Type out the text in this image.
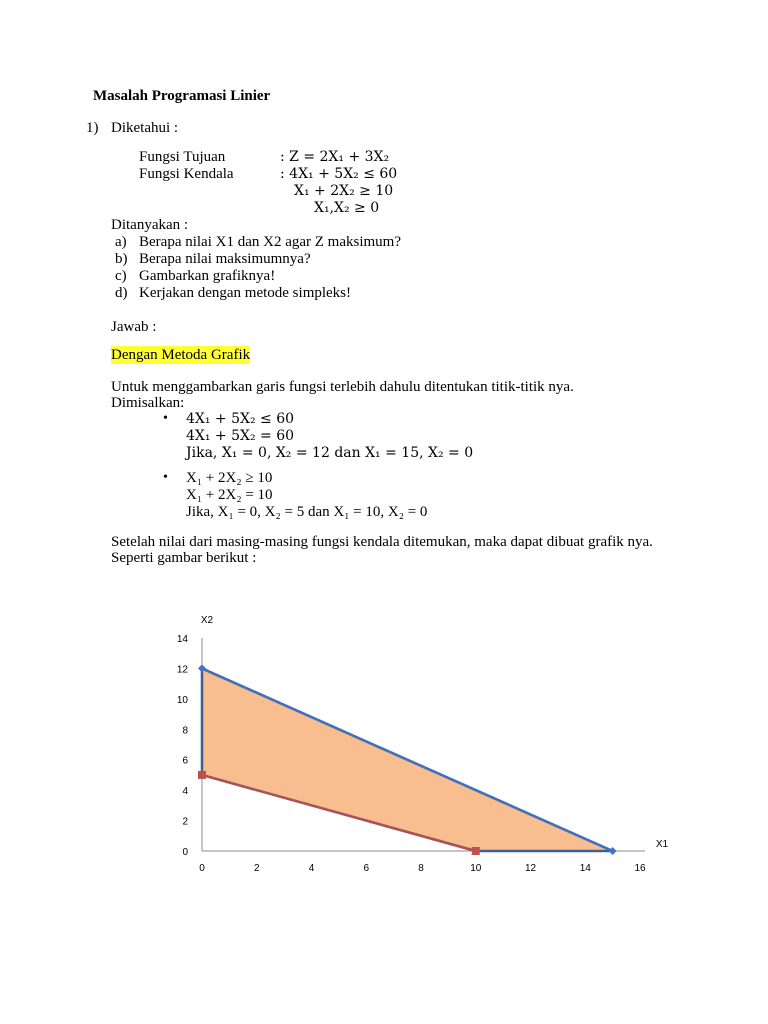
Masalah Programasi Linier
1) Diketahui :
Fungsi Tujuan	: Z = 2X₁ + 3X₂
Fungsi Kendala	: 4X₁ + 5X₂ ≤ 60
X₁ + 2X₂ ≥ 10
X₁,X₂ ≥ 0
Ditanyakan :
a) Berapa nilai X1 dan X2 agar Z maksimum?
b) Berapa nilai maksimumnya?
c) Gambarkan grafiknya!
d) Kerjakan dengan metode simpleks!
Jawab :
Dengan Metoda Grafik
Untuk menggambarkan garis fungsi terlebih dahulu ditentukan titik-titik nya.
Dimisalkan:
• 4X₁ + 5X₂ ≤ 60
4X₁ + 5X₂ = 60
Jika, X₁ = 0, X₂ = 12 dan X₁ = 15, X₂ = 0
• X₁ + 2X₂ ≥ 10
X₁ + 2X₂ = 10
Jika, X₁ = 0, X₂ = 5 dan X₁ = 10, X₂ = 0
Setelah nilai dari masing-masing fungsi kendala ditemukan, maka dapat dibuat grafik nya.
Seperti gambar berikut :
0	2	4	6	8	10	12	14	16
0
2
4
6
8
10
12
14
X2
X1
